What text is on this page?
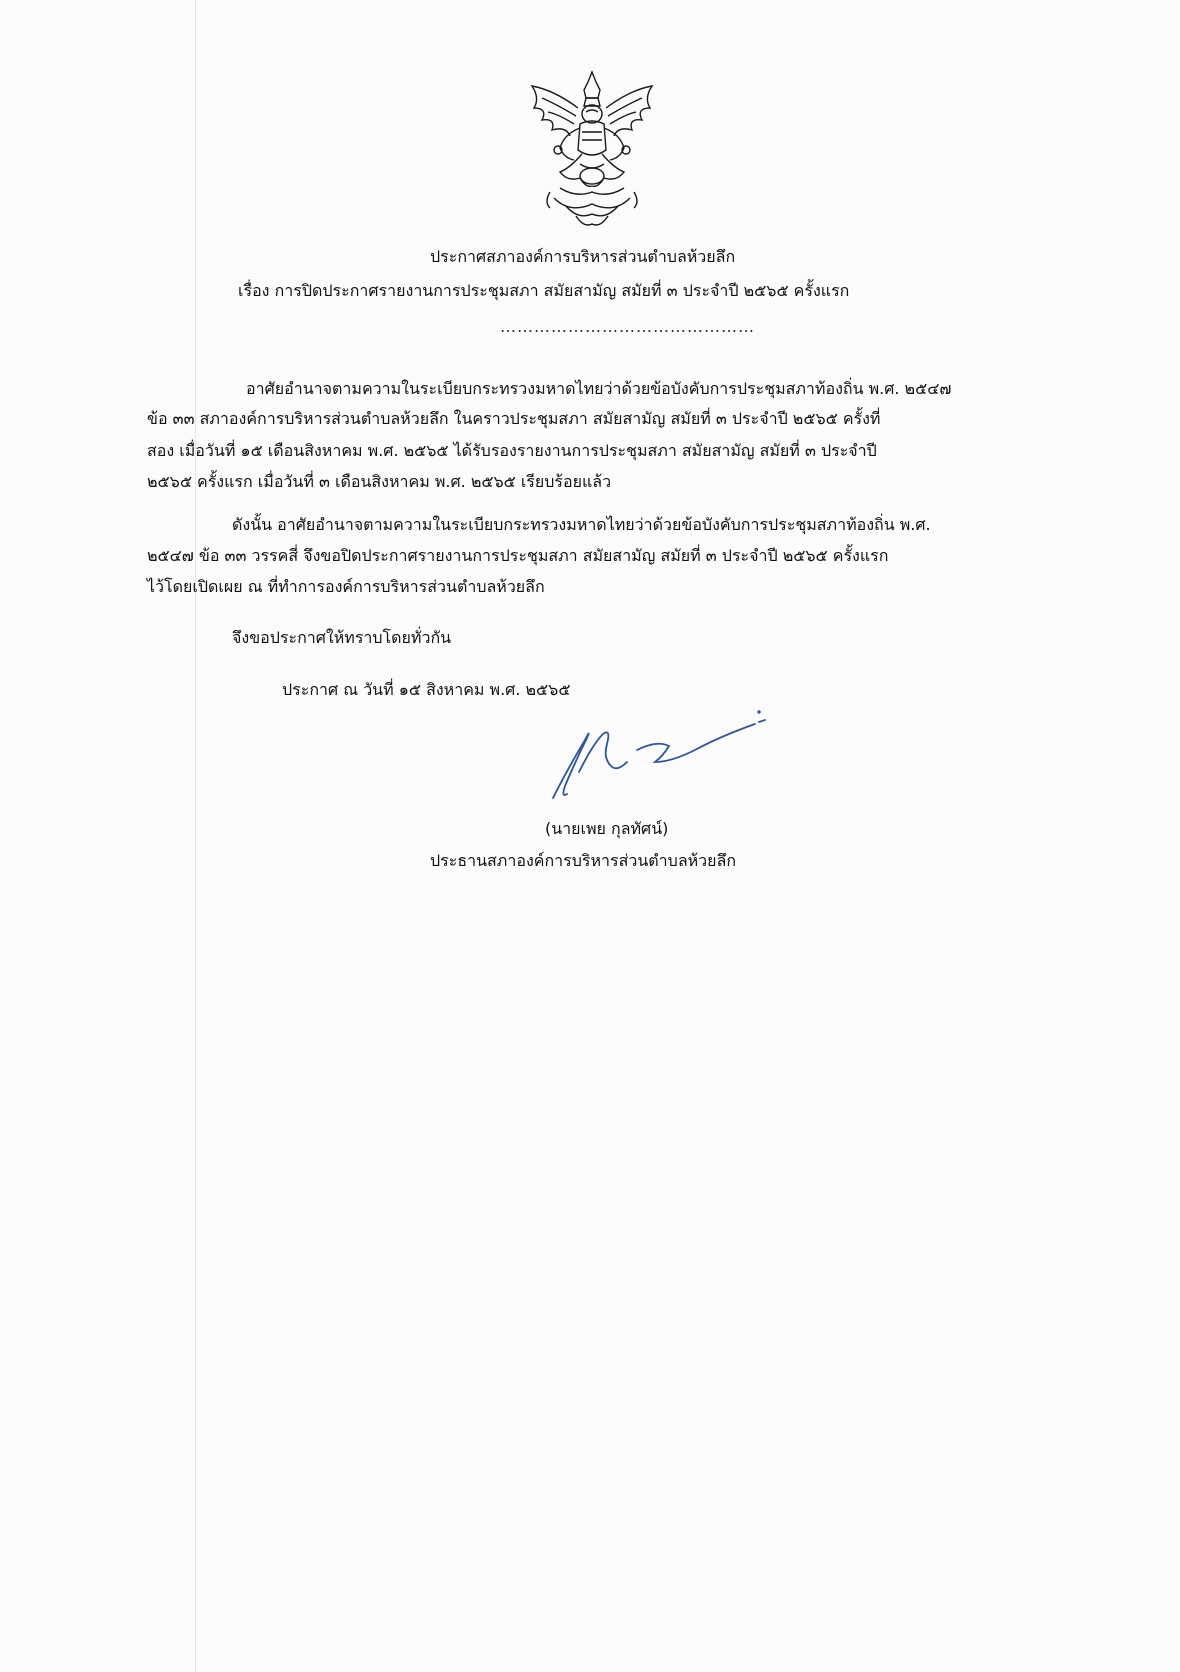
ประกาศสภาองค์การบริหารส่วนตำบลห้วยลึก
เรื่อง การปิดประกาศรายงานการประชุมสภา สมัยสามัญ สมัยที่ ๓ ประจำปี ๒๕๖๕ ครั้งแรก
………………………………………
อาศัยอำนาจตามความในระเบียบกระทรวงมหาดไทยว่าด้วยข้อบังคับการประชุมสภาท้องถิ่น พ.ศ. ๒๕๔๗
ข้อ ๓๓ สภาองค์การบริหารส่วนตำบลห้วยลึก ในคราวประชุมสภา สมัยสามัญ สมัยที่ ๓ ประจำปี ๒๕๖๕ ครั้งที่
สอง เมื่อวันที่ ๑๕ เดือนสิงหาคม พ.ศ. ๒๕๖๕ ได้รับรองรายงานการประชุมสภา สมัยสามัญ สมัยที่ ๓ ประจำปี
๒๕๖๕ ครั้งแรก เมื่อวันที่ ๓ เดือนสิงหาคม พ.ศ. ๒๕๖๕ เรียบร้อยแล้ว
ดังนั้น อาศัยอำนาจตามความในระเบียบกระทรวงมหาดไทยว่าด้วยข้อบังคับการประชุมสภาท้องถิ่น พ.ศ.
๒๕๔๗ ข้อ ๓๓ วรรคสี่ จึงขอปิดประกาศรายงานการประชุมสภา สมัยสามัญ สมัยที่ ๓ ประจำปี ๒๕๖๕ ครั้งแรก
ไว้โดยเปิดเผย ณ ที่ทำการองค์การบริหารส่วนตำบลห้วยลึก
จึงขอประกาศให้ทราบโดยทั่วกัน
ประกาศ ณ วันที่ ๑๕ สิงหาคม พ.ศ. ๒๕๖๕
(นายเพย กุลทัศน์)
ประธานสภาองค์การบริหารส่วนตำบลห้วยลึก
